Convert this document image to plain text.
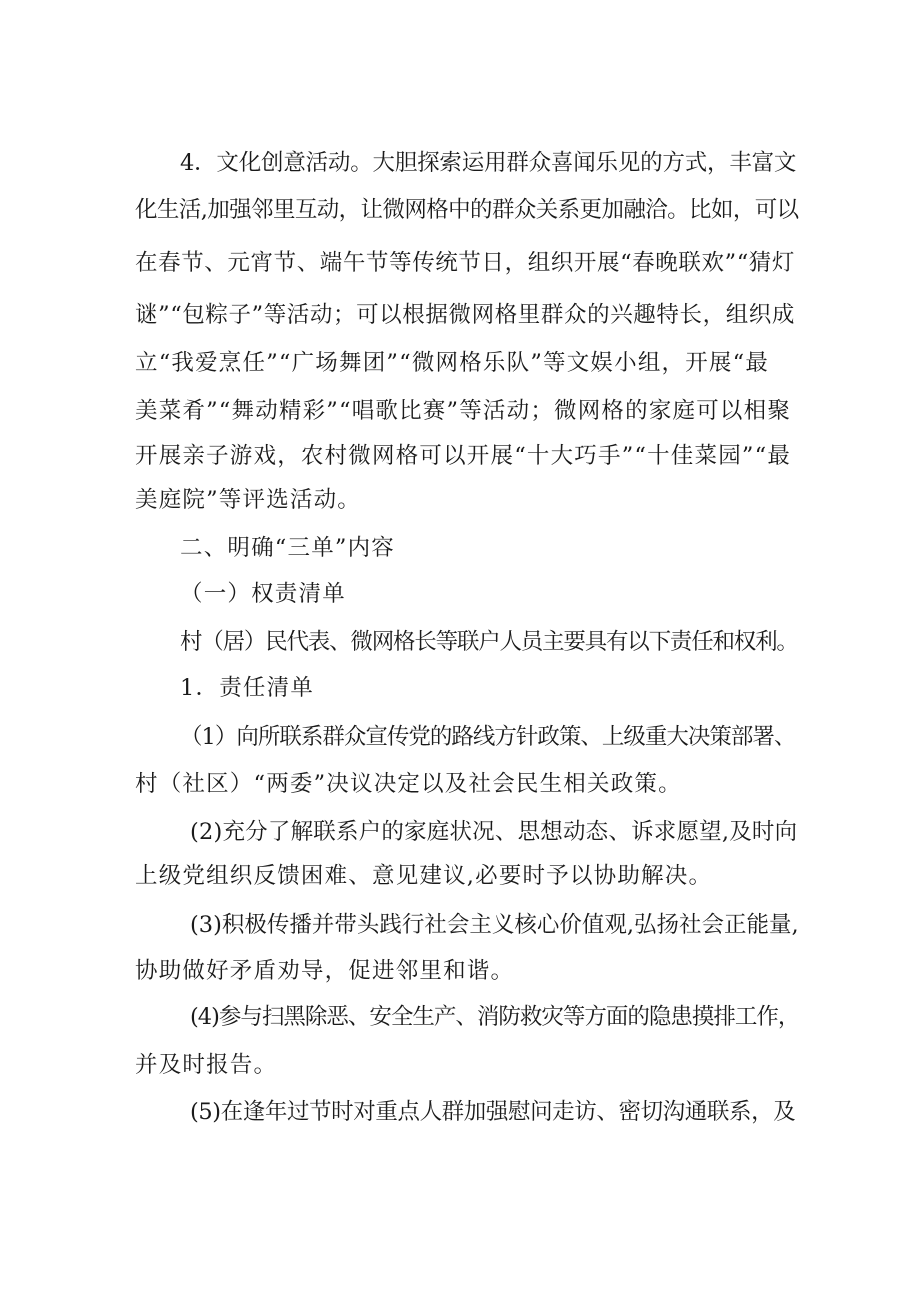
4．文化创意活动。大胆探索运用群众喜闻乐见的方式，丰富文
化生活,加强邻里互动，让微网格中的群众关系更加融洽。比如，可以
在春节、元宵节、端午节等传统节日，组织开展“春晚联欢”“猜灯
谜”“包粽子”等活动；可以根据微网格里群众的兴趣特长，组织成
立“我爱烹任”“广场舞团”“微网格乐队”等文娱小组，开展“最
美菜肴”“舞动精彩”“唱歌比赛”等活动；微网格的家庭可以相聚
开展亲子游戏，农村微网格可以开展“十大巧手”“十佳菜园”“最
美庭院”等评选活动。
二、明确“三单”内容
（一）权责清单
村（居）民代表、微网格长等联户人员主要具有以下责任和权利。
1．责任清单
（1）向所联系群众宣传党的路线方针政策、上级重大决策部署、
村（社区）“两委”决议决定以及社会民生相关政策。
(2)充分了解联系户的家庭状况、思想动态、诉求愿望,及时向
上级党组织反馈困难、意见建议,必要时予以协助解决。
(3)积极传播并带头践行社会主义核心价值观,弘扬社会正能量,
协助做好矛盾劝导，促进邻里和谐。
(4)参与扫黑除恶、安全生产、消防救灾等方面的隐患摸排工作，
并及时报告。
(5)在逢年过节时对重点人群加强慰问走访、密切沟通联系，及
